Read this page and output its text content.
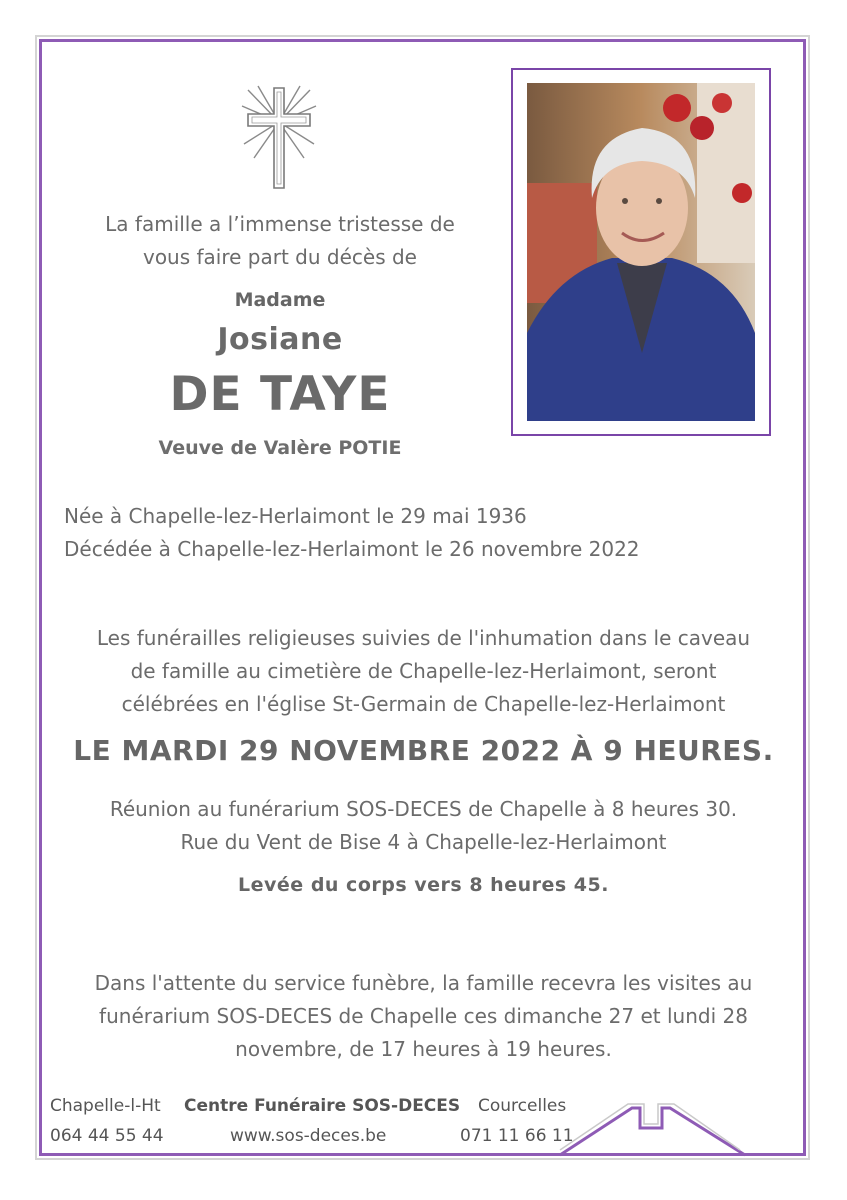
La famille a l’immense tristesse de
vous faire part du décès de
Madame
Josiane
DE TAYE
Veuve de Valère POTIE
Née à Chapelle-lez-Herlaimont le 29 mai 1936
Décédée à Chapelle-lez-Herlaimont le 26 novembre 2022
Les funérailles religieuses suivies de l'inhumation dans le caveau
de famille au cimetière de Chapelle-lez-Herlaimont, seront
célébrées en l'église St-Germain de Chapelle-lez-Herlaimont
LE MARDI 29 NOVEMBRE 2022 À 9 HEURES.
Réunion au funérarium SOS-DECES de Chapelle à 8 heures 30.
Rue du Vent de Bise 4 à Chapelle-lez-Herlaimont
Levée du corps vers 8 heures 45.
Dans l'attente du service funèbre, la famille recevra les visites au
funérarium SOS-DECES de Chapelle ces dimanche 27 et lundi 28
novembre, de 17 heures à 19 heures.
Chapelle-l-Ht
064 44 55 44
Centre Funéraire SOS-DECES
www.sos-deces.be
Courcelles
071 11 66 11
